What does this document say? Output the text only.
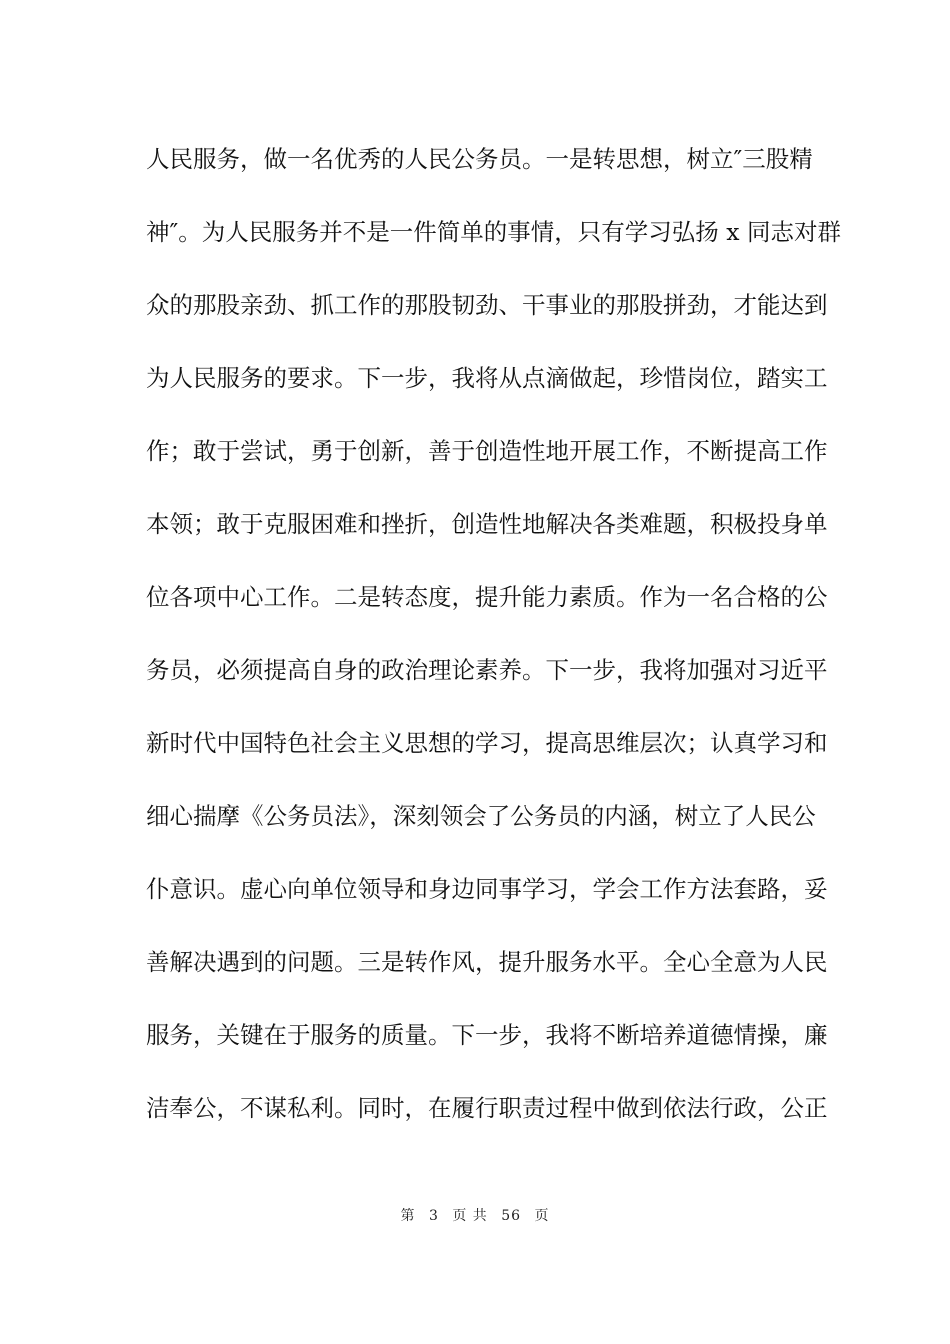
人民服务，做一名优秀的人民公务员。一是转思想，树立″三股精
神″。为人民服务并不是一件简单的事情，只有学习弘扬 x 同志对群
众的那股亲劲、抓工作的那股韧劲、干事业的那股拼劲，才能达到
为人民服务的要求。下一步，我将从点滴做起，珍惜岗位，踏实工
作；敢于尝试，勇于创新，善于创造性地开展工作，不断提高工作
本领；敢于克服困难和挫折，创造性地解决各类难题，积极投身单
位各项中心工作。二是转态度，提升能力素质。作为一名合格的公
务员，必须提高自身的政治理论素养。下一步，我将加强对习近平
新时代中国特色社会主义思想的学习，提高思维层次；认真学习和
细心揣摩《公务员法》，深刻领会了公务员的内涵，树立了人民公
仆意识。虚心向单位领导和身边同事学习，学会工作方法套路，妥
善解决遇到的问题。三是转作风，提升服务水平。全心全意为人民
服务，关键在于服务的质量。下一步，我将不断培养道德情操，廉
洁奉公，不谋私利。同时，在履行职责过程中做到依法行政，公正
第 3 页 共 56 页
